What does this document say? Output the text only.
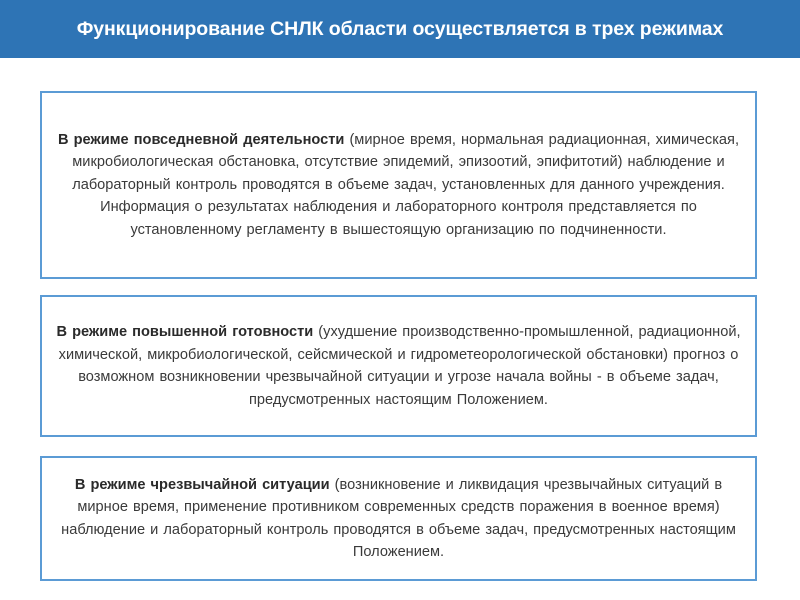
Функционирование СНЛК области осуществляется в трех режимах
В режиме повседневной деятельности (мирное время, нормальная радиационная, химическая, микробиологическая обстановка, отсутствие эпидемий, эпизоотий, эпифитотий) наблюдение и лабораторный контроль проводятся в объеме задач, установленных для данного учреждения. Информация о результатах наблюдения и лабораторного контроля представляется по установленному регламенту в вышестоящую организацию по подчиненности.
В режиме повышенной готовности (ухудшение производственно-промышленной, радиационной, химической, микробиологической, сейсмической и гидрометеорологической обстановки) прогноз о возможном возникновении чрезвычайной ситуации и угрозе начала войны - в объеме задач, предусмотренных настоящим Положением.
В режиме чрезвычайной ситуации (возникновение и ликвидация чрезвычайных ситуаций в мирное время, применение противником современных средств поражения в военное время) наблюдение и лабораторный контроль проводятся в объеме задач, предусмотренных настоящим Положением.
